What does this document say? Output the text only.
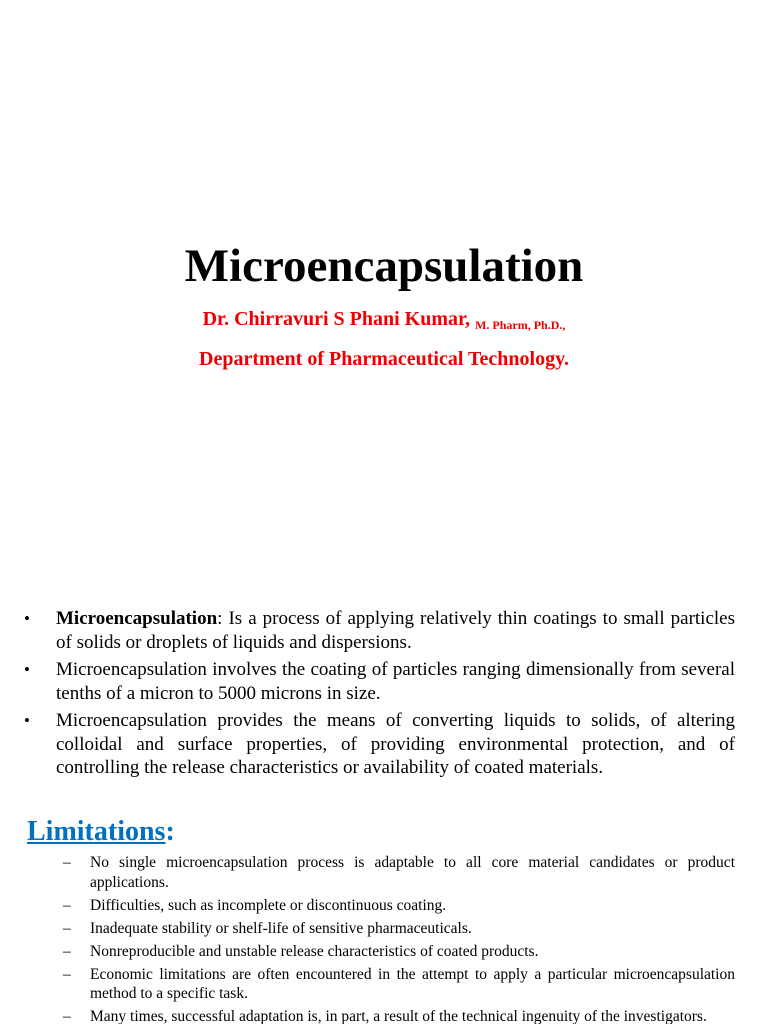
Microencapsulation
Dr. Chirravuri S Phani Kumar, $_{M. Pharm, Ph.D.,}$
Department of Pharmaceutical Technology.
•	Microencapsulation: Is a process of applying relatively thin coatings to small particles of solids or droplets of liquids and dispersions.
•	Microencapsulation involves the coating of particles ranging dimensionally from several tenths of a micron to 5000 microns in size.
•	Microencapsulation provides the means of converting liquids to solids, of altering colloidal and surface properties, of providing environmental protection, and of controlling the release characteristics or availability of coated materials.
Limitations:
–	No single microencapsulation process is adaptable to all core material candidates or product applications.
–	Difficulties, such as incomplete or discontinuous coating.
–	Inadequate stability or shelf-life of sensitive pharmaceuticals.
–	Nonreproducible and unstable release characteristics of coated products.
–	Economic limitations are often encountered in the attempt to apply a particular microencapsulation method to a specific task.
–	Many times, successful adaptation is, in part, a result of the technical ingenuity of the investigators.
